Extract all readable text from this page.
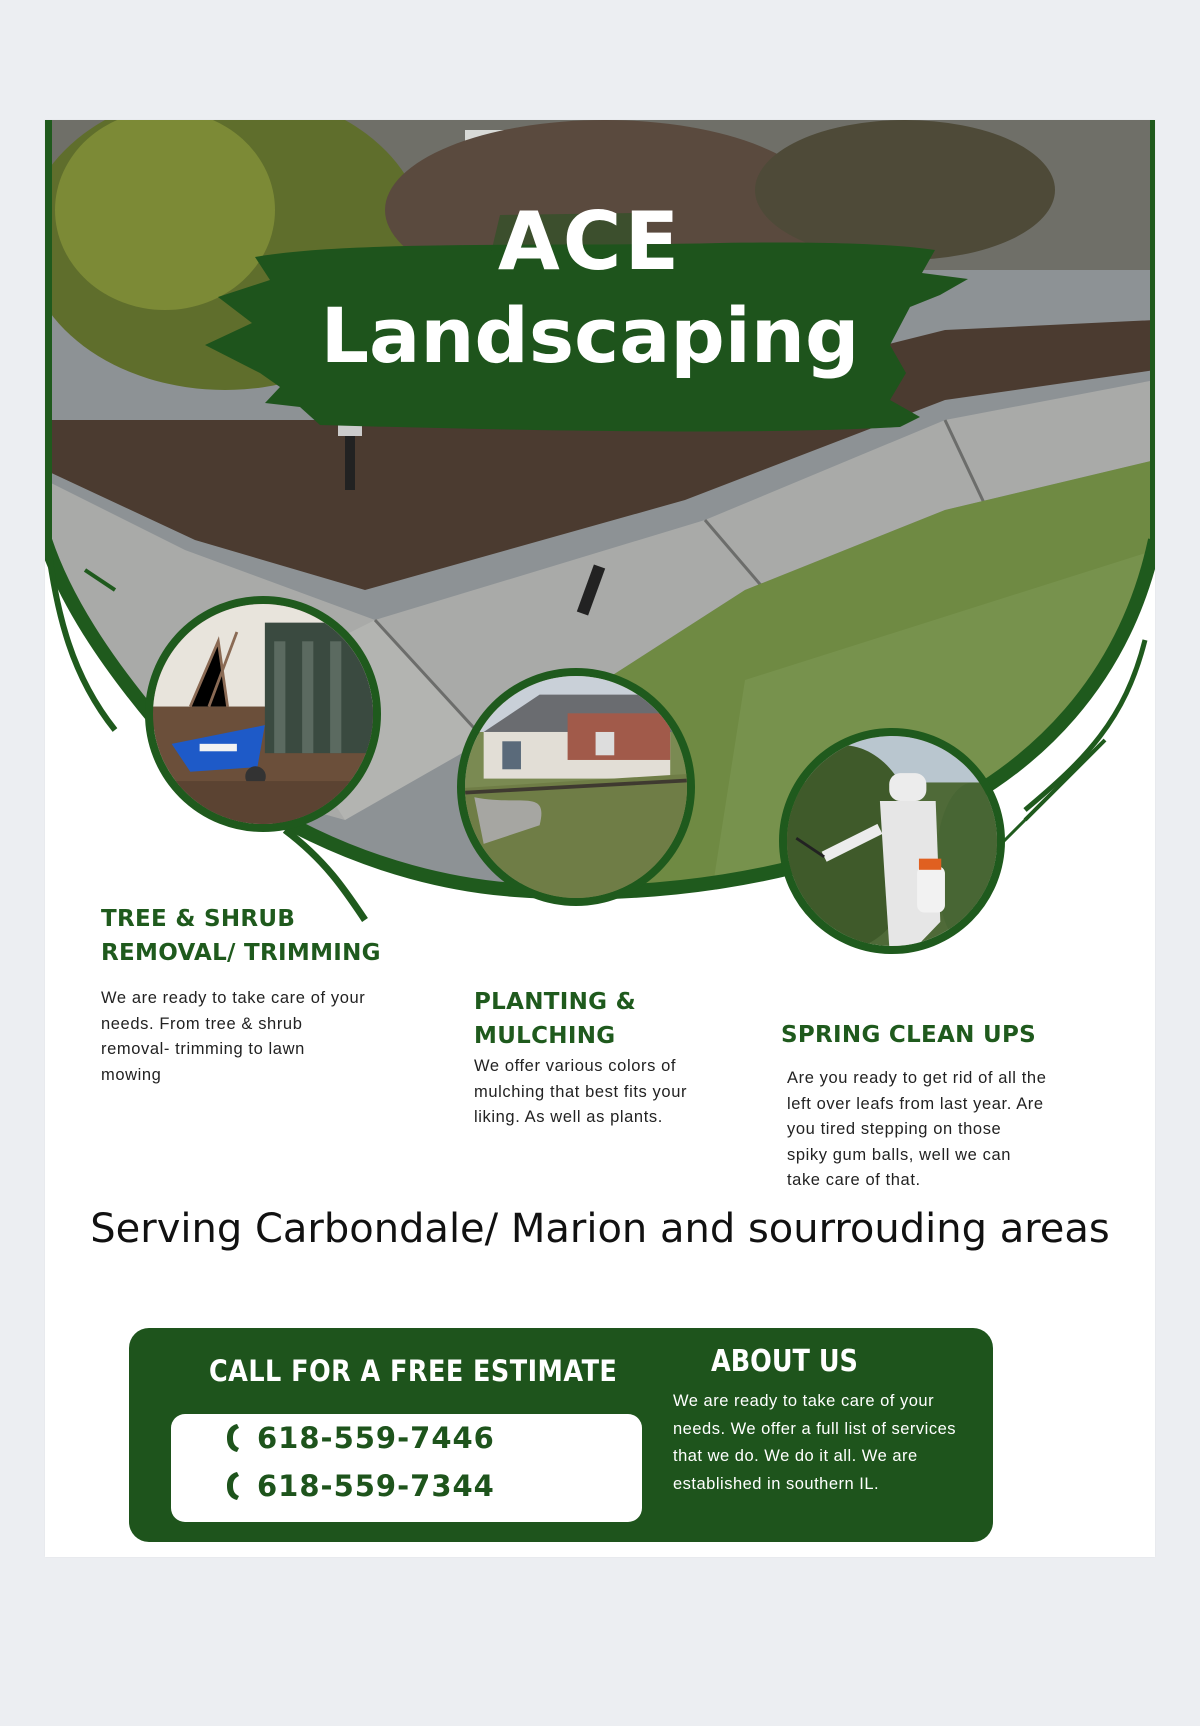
ACE
Landscaping
TREE & SHRUB REMOVAL/ TRIMMING
We are ready to take care of your needs. From tree & shrub removal- trimming to lawn mowing
PLANTING & MULCHING
We offer various colors of mulching that best fits your liking. As well as plants.
SPRING CLEAN UPS
Are you ready to get rid of all the left over leafs from last year. Are you tired stepping on those spiky gum balls, well we can take care of that.
Serving Carbondale/ Marion and sourrouding areas
CALL FOR A FREE ESTIMATE
618-559-7446
618-559-7344
ABOUT US
We are ready to take care of your needs. We offer a full list of services that we do. We do it all. We are established in southern IL.
